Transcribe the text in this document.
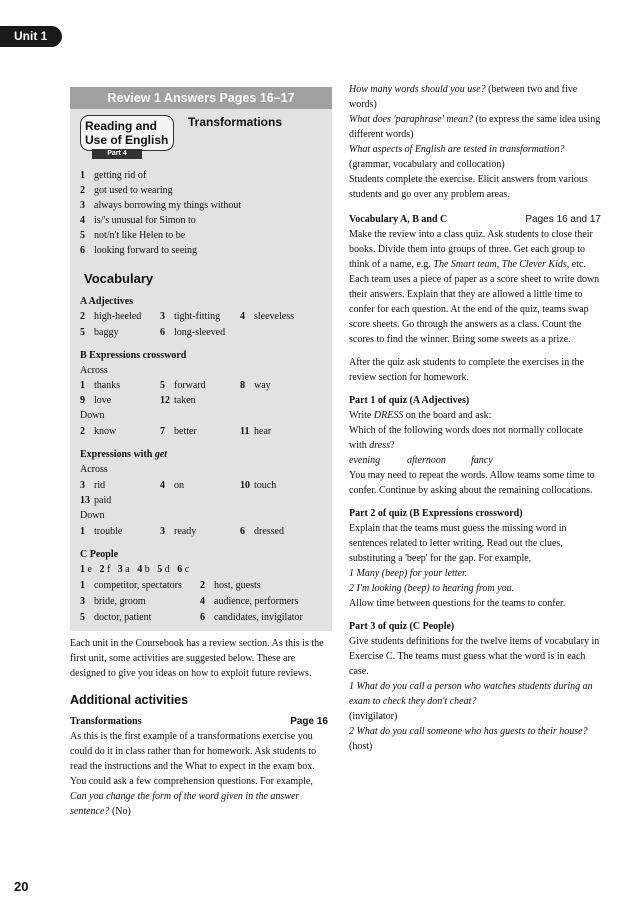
Unit 1
Review 1 Answers Pages 16–17
Reading and
Use of English
Part 4
Transformations
1 getting rid of
2 got used to wearing
3 always borrowing my things without
4 is/'s unusual for Simon to
5 not/n't like Helen to be
6 looking forward to seeing
Vocabulary
A Adjectives
2 high-heeled 3 tight-fitting 4 sleeveless
5 baggy	6 long-sleeved
B Expressions crossword
Across
1 thanks	5 forward	8 way
9 love	12 taken
Down
2 know	7 better	11 hear
Expressions with get
Across
3 rid	4 on	10 touch
13 paid
Down
1 trouble	3 ready	6 dressed
C People
1 e 2 f 3 a 4 b 5 d 6 c
1 competitor, spectators 2 host, guests
3 bride, groom	4 audience, performers
5 doctor, patient	6 candidates, invigilator

Each unit in the Coursebook has a review section. As this is the first unit, some activities are suggested below. These are designed to give you ideas on how to exploit future reviews.

Additional activities

Transformations	Page 16

As this is the first example of a transformations exercise you could do it in class rather than for homework. Ask students to read the instructions and the What to expect in the exam box. You could ask a few comprehension questions. For example, Can you change the form of the word given in the answer sentence? (No)

How many words should you use? (between two and five words)

What does 'paraphrase' mean? (to express the same idea using different words)

What aspects of English are tested in transformation? (grammar, vocabulary and collocation)

Students complete the exercise. Elicit answers from various students and go over any problem areas.

Vocabulary A, B and C	Pages 16 and 17

Make the review into a class quiz. Ask students to close their books. Divide them into groups of three. Get each group to think of a name, e.g. The Smart team, The Clever Kids, etc.

Each team uses a piece of paper as a score sheet to write down their answers. Explain that they are allowed a little time to confer for each question. At the end of the quiz, teams swap score sheets. Go through the answers as a class. Count the scores to find the winner. Bring some sweets as a prize.

After the quiz ask students to complete the exercises in the review section for homework.

Part 1 of quiz (A Adjectives)

Write DRESS on the board and ask:

Which of the following words does not normally collocate with dress?

evening	afternoon	fancy

You may need to repeat the words. Allow teams some time to confer. Continue by asking about the remaining collocations.

Part 2 of quiz (B Expressions crossword)

Explain that the teams must guess the missing word in sentences related to letter writing. Read out the clues, substituting a 'beep' for the gap. For example,

1 Many (beep) for your letter.

2 I'm looking (beep) to hearing from you.

Allow time between questions for the teams to confer.

Part 3 of quiz (C People)

Give students definitions for the twelve items of vocabulary in Exercise C. The teams must guess what the word is in each case.

1 What do you call a person who watches students during an exam to check they don't cheat?

(invigilator)

2 What do you call someone who has guests to their house? (host)

20
